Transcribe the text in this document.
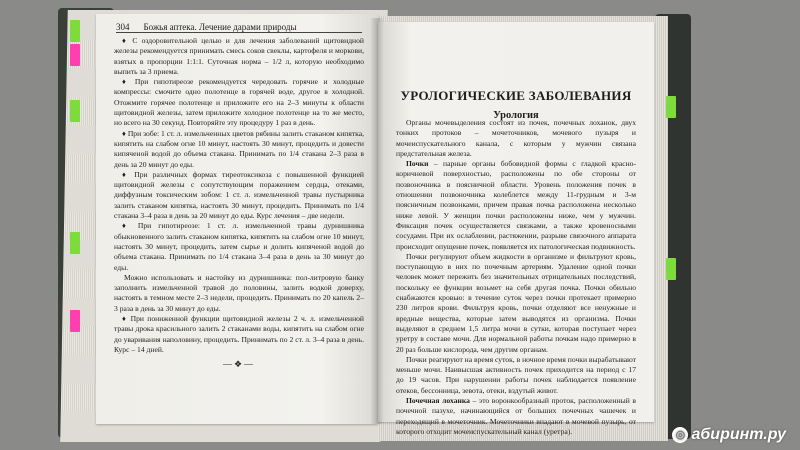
304 Божья аптека. Лечение дарами природы

♦ С оздоровительной целью и для лечения заболеваний щитовидной железы рекомендуется принимать смесь соков свеклы, картофеля и моркови, взятых в пропорции 1:1:1. Суточная норма – 1/2 л, которую необходимо выпить за 3 приема.

♦ При гипотиреозе рекомендуется чередовать горячие и холодные компрессы: смочите одно полотенце в горячей воде, другое в холодной. Отожмите горячее полотенце и приложите его на 2–3 минуты к области щитовидной железы, затем приложите холодное полотенце на то же место, но всего на 30 секунд. Повторяйте эту процедуру 1 раз в день.

♦ При зобе: 1 ст. л. измельченных цветов рябины залить стаканом кипятка, кипятить на слабом огне 10 минут, настоять 30 минут, процедить и довести кипяченой водой до объема стакана. Принимать по 1/4 стакана 2–3 раза в день за 20 минут до еды.

♦ При различных формах тиреотоксикоза с повышенной функцией щитовидной железы с сопутствующим поражением сердца, отеками, диффузным токсическим зобом: 1 ст. л. измельченной травы пустырника залить стаканом кипятка, настоять 30 минут, процедить. Принимать по 1/4 стакана 3–4 раза в день за 20 минут до еды. Курс лечения – две недели.

♦ При гипотиреозе: 1 ст. л. измельченной травы дурнишника обыкновенного залить стаканом кипятка, кипятить на слабом огне 10 минут, настоять 30 минут, процедить, затем сырье и долить кипяченой водой до объема стакана. Принимать по 1/4 стакана 3–4 раза в день за 30 минут до еды.

Можно использовать и настойку из дурнишника: пол-литровую банку заполнить измельченной травой до половины, залить водкой доверху, настоять в темном месте 2–3 недели, процедить. Принимать по 20 капель 2–3 раза в день за 30 минут до еды.

♦ При пониженной функции щитовидной железы 2 ч. л. измельченной травы дрока красильного залить 2 стаканами воды, кипятить на слабом огне до уваривания наполовину, процедить. Принимать по 2 ст. л. 3–4 раза в день. Курс – 14 дней.

—❖—
УРОЛОГИЧЕСКИЕ ЗАБОЛЕВАНИЯ
Урология

Органы мочевыделения состоят из почек, почечных лоханок, двух тонких протоков – мочеточников, мочевого пузыря и мочеиспускательного канала, с которым у мужчин связана предстательная железа.

Почки – парные органы бобовидной формы с гладкой красно-коричневой поверхностью, расположены по обе стороны от позвоночника в поясничной области. Уровень положения почек в отношении позвоночника колеблется между 11-грудным и 3-м поясничным позвонками, причем правая почка расположена несколько ниже левой. У женщин почки расположены ниже, чем у мужчин. Фиксация почек осуществляется связками, а также кровеносными сосудами. При их ослаблении, растяжении, разрыве связочного аппарата происходит опущение почек, появляется их патологическая подвижность.

Почки регулируют объем жидкости в организме и фильтруют кровь, поступающую в них по почечным артериям. Удаление одной почки человек может пережить без значительных отрицательных последствий, поскольку ее функции возьмет на себя другая почка. Почки обильно снабжаются кровью: в течение суток через почки протекает примерно 230 литров крови. Фильтруя кровь, почки отделяют все ненужные и вредные вещества, которые затем выводятся из организма. Почки выделяют в среднем 1,5 литра мочи в сутки, которая поступает через уретру в составе мочи. Для нормальной работы почкам надо примерно в 20 раз больше кислорода, чем другим органам.

Почки реагируют на время суток, в ночное время почки вырабатывают меньше мочи. Наивысшая активность почек приходится на период с 17 до 19 часов. При нарушении работы почек наблюдается появление отеков, бессонница, зевота, отеки, вздутый живот.

Почечная лоханка – это воронкообразный проток, расположенный в почечной пазухе, начинающийся от больших почечных чашечек и переходящий в мочеточник. Мочеточники впадают в мочевой пузырь, от которого отходит мочеиспускательный канал (уретра).	◎ абиринт.ру
